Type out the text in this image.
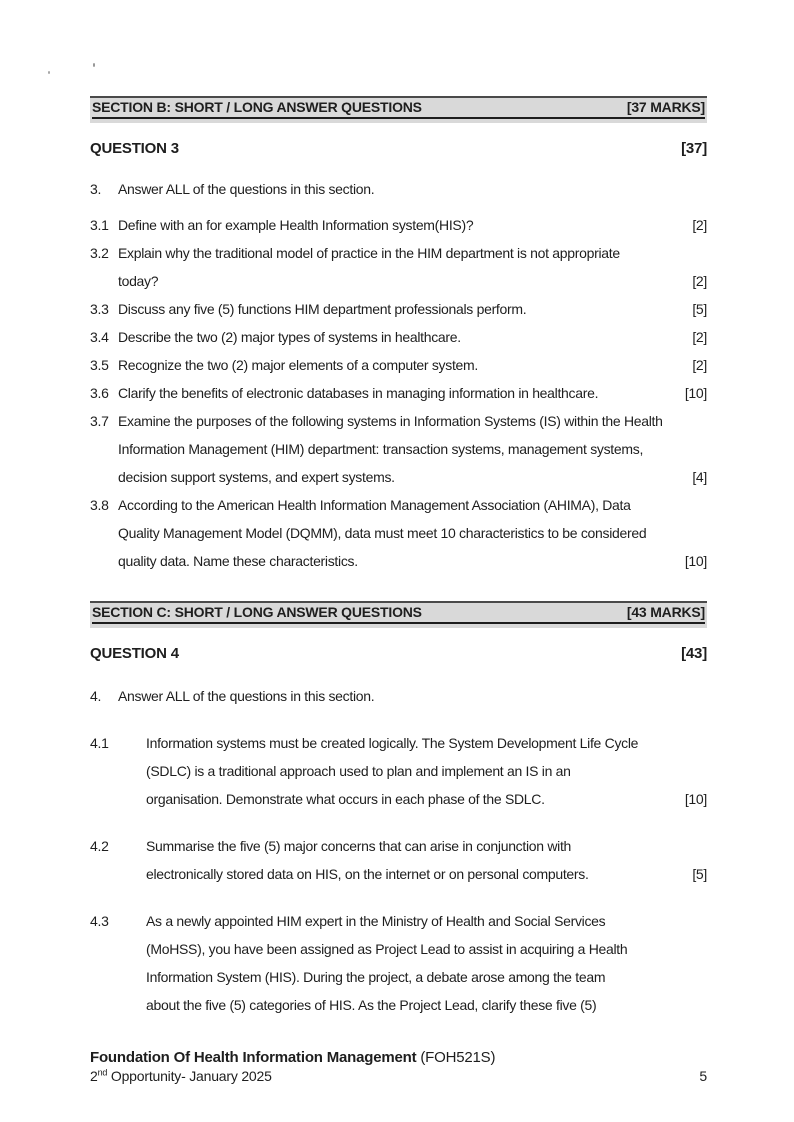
SECTION B: SHORT / LONG ANSWER QUESTIONS	[37 MARKS]
QUESTION 3	[37]
3.	Answer ALL of the questions in this section.
3.1 Define with an for example Health Information system(HIS)?	[2]
3.2 Explain why the traditional model of practice in the HIM department is not appropriate
today?	[2]
3.3 Discuss any five (5) functions HIM department professionals perform.	[5]
3.4 Describe the two (2) major types of systems in healthcare.	[2]
3.5 Recognize the two (2) major elements of a computer system.	[2]
3.6 Clarify the benefits of electronic databases in managing information in healthcare.	[10]
3.7 Examine the purposes of the following systems in Information Systems (IS) within the Health
Information Management (HIM) department: transaction systems, management systems,
decision support systems, and expert systems.	[4]
3.8 According to the American Health Information Management Association (AHIMA), Data
Quality Management Model (DQMM), data must meet 10 characteristics to be considered
quality data. Name these characteristics.	[10]
SECTION C: SHORT / LONG ANSWER QUESTIONS	[43 MARKS]
QUESTION 4	[43]
4.	Answer ALL of the questions in this section.
4.1	Information systems must be created logically. The System Development Life Cycle
(SDLC) is a traditional approach used to plan and implement an IS in an
organisation. Demonstrate what occurs in each phase of the SDLC.	[10]
4.2	Summarise the five (5) major concerns that can arise in conjunction with
electronically stored data on HIS, on the internet or on personal computers.	[5]
4.3	As a newly appointed HIM expert in the Ministry of Health and Social Services
(MoHSS), you have been assigned as Project Lead to assist in acquiring a Health
Information System (HIS). During the project, a debate arose among the team
about the five (5) categories of HIS. As the Project Lead, clarify these five (5)
Foundation Of Health Information Management (FOH521S)
2nd Opportunity- January 2025	5
